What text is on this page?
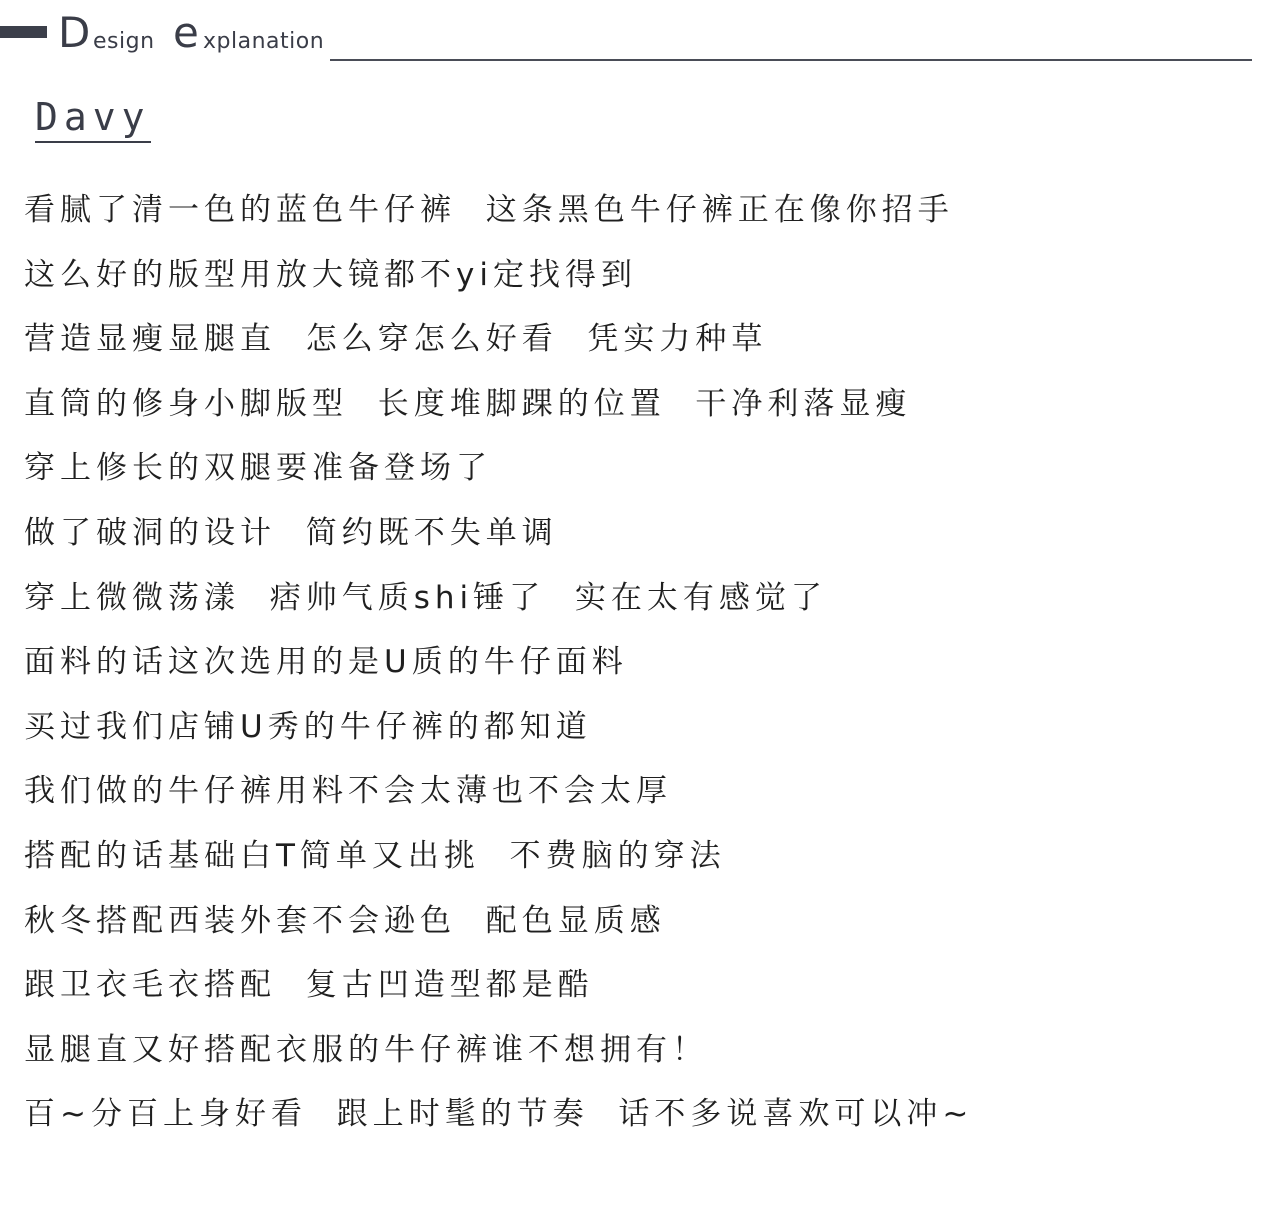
D esign e xplanation
Davy
看腻了清一色的蓝色牛仔裤  这条黑色牛仔裤正在像你招手
这么好的版型用放大镜都不yi定找得到
营造显瘦显腿直  怎么穿怎么好看  凭实力种草
直筒的修身小脚版型  长度堆脚踝的位置  干净利落显瘦
穿上修长的双腿要准备登场了
做了破洞的设计  简约既不失单调
穿上微微荡漾  痞帅气质shi锤了  实在太有感觉了
面料的话这次选用的是U质的牛仔面料
买过我们店铺U秀的牛仔裤的都知道
我们做的牛仔裤用料不会太薄也不会太厚
搭配的话基础白T简单又出挑  不费脑的穿法
秋冬搭配西装外套不会逊色  配色显质感
跟卫衣毛衣搭配  复古凹造型都是酷
显腿直又好搭配衣服的牛仔裤谁不想拥有！
百~分百上身好看  跟上时髦的节奏  话不多说喜欢可以冲~
